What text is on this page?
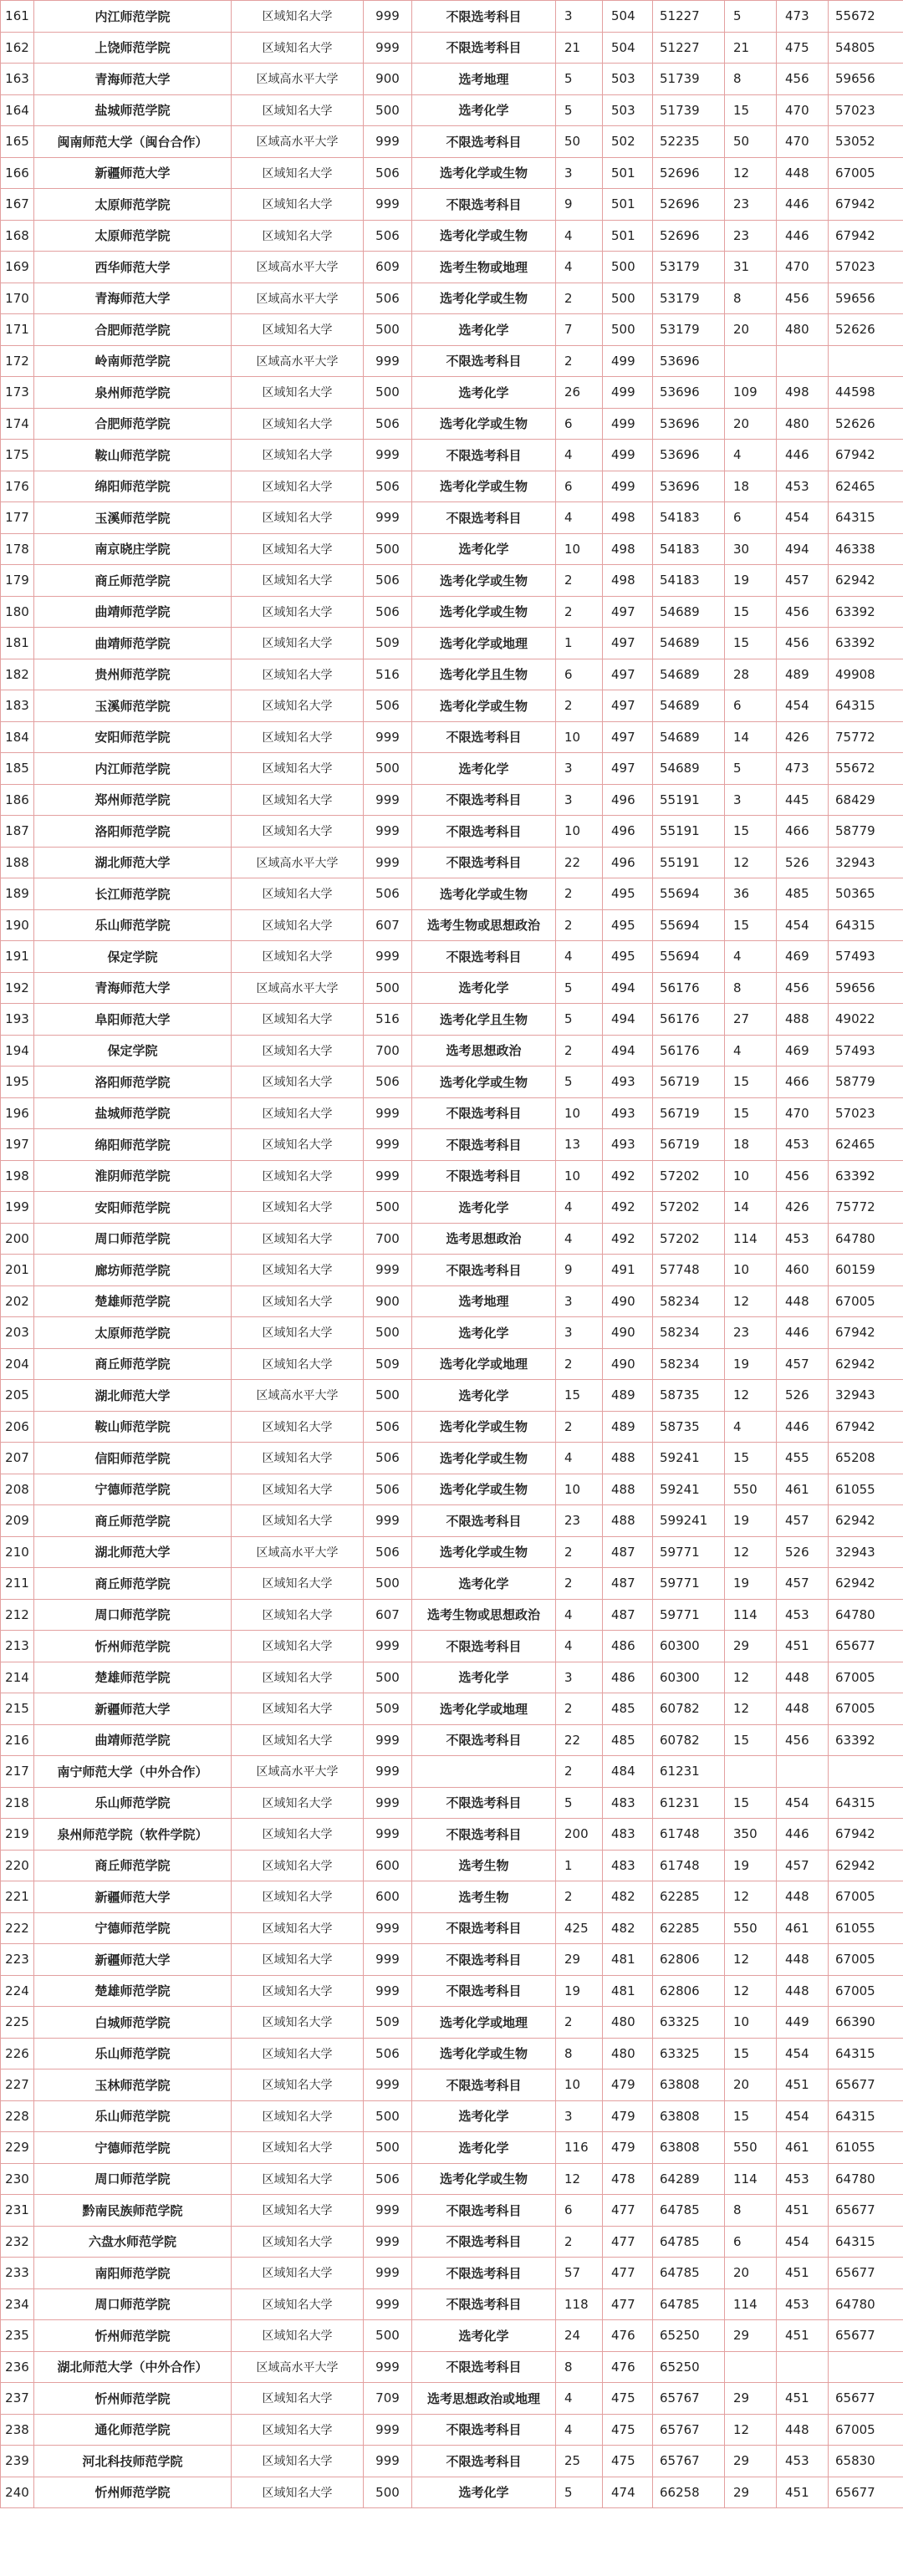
161	内江师范学院	区域知名大学	999	不限选考科目	3	504	51227	5	473	55672
162	上饶师范学院	区域知名大学	999	不限选考科目	21	504	51227	21	475	54805
163	青海师范大学	区域高水平大学	900	选考地理	5	503	51739	8	456	59656
164	盐城师范学院	区域知名大学	500	选考化学	5	503	51739	15	470	57023
165	闽南师范大学（闽台合作）	区域高水平大学	999	不限选考科目	50	502	52235	50	470	53052
166	新疆师范大学	区域知名大学	506	选考化学或生物	3	501	52696	12	448	67005
167	太原师范学院	区域知名大学	999	不限选考科目	9	501	52696	23	446	67942
168	太原师范学院	区域知名大学	506	选考化学或生物	4	501	52696	23	446	67942
169	西华师范大学	区域高水平大学	609	选考生物或地理	4	500	53179	31	470	57023
170	青海师范大学	区域高水平大学	506	选考化学或生物	2	500	53179	8	456	59656
171	合肥师范学院	区域知名大学	500	选考化学	7	500	53179	20	480	52626
172	岭南师范学院	区域高水平大学	999	不限选考科目	2	499	53696			
173	泉州师范学院	区域知名大学	500	选考化学	26	499	53696	109	498	44598
174	合肥师范学院	区域知名大学	506	选考化学或生物	6	499	53696	20	480	52626
175	鞍山师范学院	区域知名大学	999	不限选考科目	4	499	53696	4	446	67942
176	绵阳师范学院	区域知名大学	506	选考化学或生物	6	499	53696	18	453	62465
177	玉溪师范学院	区域知名大学	999	不限选考科目	4	498	54183	6	454	64315
178	南京晓庄学院	区域知名大学	500	选考化学	10	498	54183	30	494	46338
179	商丘师范学院	区域知名大学	506	选考化学或生物	2	498	54183	19	457	62942
180	曲靖师范学院	区域知名大学	506	选考化学或生物	2	497	54689	15	456	63392
181	曲靖师范学院	区域知名大学	509	选考化学或地理	1	497	54689	15	456	63392
182	贵州师范学院	区域知名大学	516	选考化学且生物	6	497	54689	28	489	49908
183	玉溪师范学院	区域知名大学	506	选考化学或生物	2	497	54689	6	454	64315
184	安阳师范学院	区域知名大学	999	不限选考科目	10	497	54689	14	426	75772
185	内江师范学院	区域知名大学	500	选考化学	3	497	54689	5	473	55672
186	郑州师范学院	区域知名大学	999	不限选考科目	3	496	55191	3	445	68429
187	洛阳师范学院	区域知名大学	999	不限选考科目	10	496	55191	15	466	58779
188	湖北师范大学	区域高水平大学	999	不限选考科目	22	496	55191	12	526	32943
189	长江师范学院	区域知名大学	506	选考化学或生物	2	495	55694	36	485	50365
190	乐山师范学院	区域知名大学	607	选考生物或思想政治	2	495	55694	15	454	64315
191	保定学院	区域知名大学	999	不限选考科目	4	495	55694	4	469	57493
192	青海师范大学	区域高水平大学	500	选考化学	5	494	56176	8	456	59656
193	阜阳师范大学	区域知名大学	516	选考化学且生物	5	494	56176	27	488	49022
194	保定学院	区域知名大学	700	选考思想政治	2	494	56176	4	469	57493
195	洛阳师范学院	区域知名大学	506	选考化学或生物	5	493	56719	15	466	58779
196	盐城师范学院	区域知名大学	999	不限选考科目	10	493	56719	15	470	57023
197	绵阳师范学院	区域知名大学	999	不限选考科目	13	493	56719	18	453	62465
198	淮阴师范学院	区域知名大学	999	不限选考科目	10	492	57202	10	456	63392
199	安阳师范学院	区域知名大学	500	选考化学	4	492	57202	14	426	75772
200	周口师范学院	区域知名大学	700	选考思想政治	4	492	57202	114	453	64780
201	廊坊师范学院	区域知名大学	999	不限选考科目	9	491	57748	10	460	60159
202	楚雄师范学院	区域知名大学	900	选考地理	3	490	58234	12	448	67005
203	太原师范学院	区域知名大学	500	选考化学	3	490	58234	23	446	67942
204	商丘师范学院	区域知名大学	509	选考化学或地理	2	490	58234	19	457	62942
205	湖北师范大学	区域高水平大学	500	选考化学	15	489	58735	12	526	32943
206	鞍山师范学院	区域知名大学	506	选考化学或生物	2	489	58735	4	446	67942
207	信阳师范学院	区域知名大学	506	选考化学或生物	4	488	59241	15	455	65208
208	宁德师范学院	区域知名大学	506	选考化学或生物	10	488	59241	550	461	61055
209	商丘师范学院	区域知名大学	999	不限选考科目	23	488	599241	19	457	62942
210	湖北师范大学	区域高水平大学	506	选考化学或生物	2	487	59771	12	526	32943
211	商丘师范学院	区域知名大学	500	选考化学	2	487	59771	19	457	62942
212	周口师范学院	区域知名大学	607	选考生物或思想政治	4	487	59771	114	453	64780
213	忻州师范学院	区域知名大学	999	不限选考科目	4	486	60300	29	451	65677
214	楚雄师范学院	区域知名大学	500	选考化学	3	486	60300	12	448	67005
215	新疆师范大学	区域知名大学	509	选考化学或地理	2	485	60782	12	448	67005
216	曲靖师范学院	区域知名大学	999	不限选考科目	22	485	60782	15	456	63392
217	南宁师范大学（中外合作）	区域高水平大学	999		2	484	61231			
218	乐山师范学院	区域知名大学	999	不限选考科目	5	483	61231	15	454	64315
219	泉州师范学院（软件学院）	区域知名大学	999	不限选考科目	200	483	61748	350	446	67942
220	商丘师范学院	区域知名大学	600	选考生物	1	483	61748	19	457	62942
221	新疆师范大学	区域知名大学	600	选考生物	2	482	62285	12	448	67005
222	宁德师范学院	区域知名大学	999	不限选考科目	425	482	62285	550	461	61055
223	新疆师范大学	区域知名大学	999	不限选考科目	29	481	62806	12	448	67005
224	楚雄师范学院	区域知名大学	999	不限选考科目	19	481	62806	12	448	67005
225	白城师范学院	区域知名大学	509	选考化学或地理	2	480	63325	10	449	66390
226	乐山师范学院	区域知名大学	506	选考化学或生物	8	480	63325	15	454	64315
227	玉林师范学院	区域知名大学	999	不限选考科目	10	479	63808	20	451	65677
228	乐山师范学院	区域知名大学	500	选考化学	3	479	63808	15	454	64315
229	宁德师范学院	区域知名大学	500	选考化学	116	479	63808	550	461	61055
230	周口师范学院	区域知名大学	506	选考化学或生物	12	478	64289	114	453	64780
231	黔南民族师范学院	区域知名大学	999	不限选考科目	6	477	64785	8	451	65677
232	六盘水师范学院	区域知名大学	999	不限选考科目	2	477	64785	6	454	64315
233	南阳师范学院	区域知名大学	999	不限选考科目	57	477	64785	20	451	65677
234	周口师范学院	区域知名大学	999	不限选考科目	118	477	64785	114	453	64780
235	忻州师范学院	区域知名大学	500	选考化学	24	476	65250	29	451	65677
236	湖北师范大学（中外合作）	区域高水平大学	999	不限选考科目	8	476	65250			
237	忻州师范学院	区域知名大学	709	选考思想政治或地理	4	475	65767	29	451	65677
238	通化师范学院	区域知名大学	999	不限选考科目	4	475	65767	12	448	67005
239	河北科技师范学院	区域知名大学	999	不限选考科目	25	475	65767	29	453	65830
240	忻州师范学院	区域知名大学	500	选考化学	5	474	66258	29	451	65677
